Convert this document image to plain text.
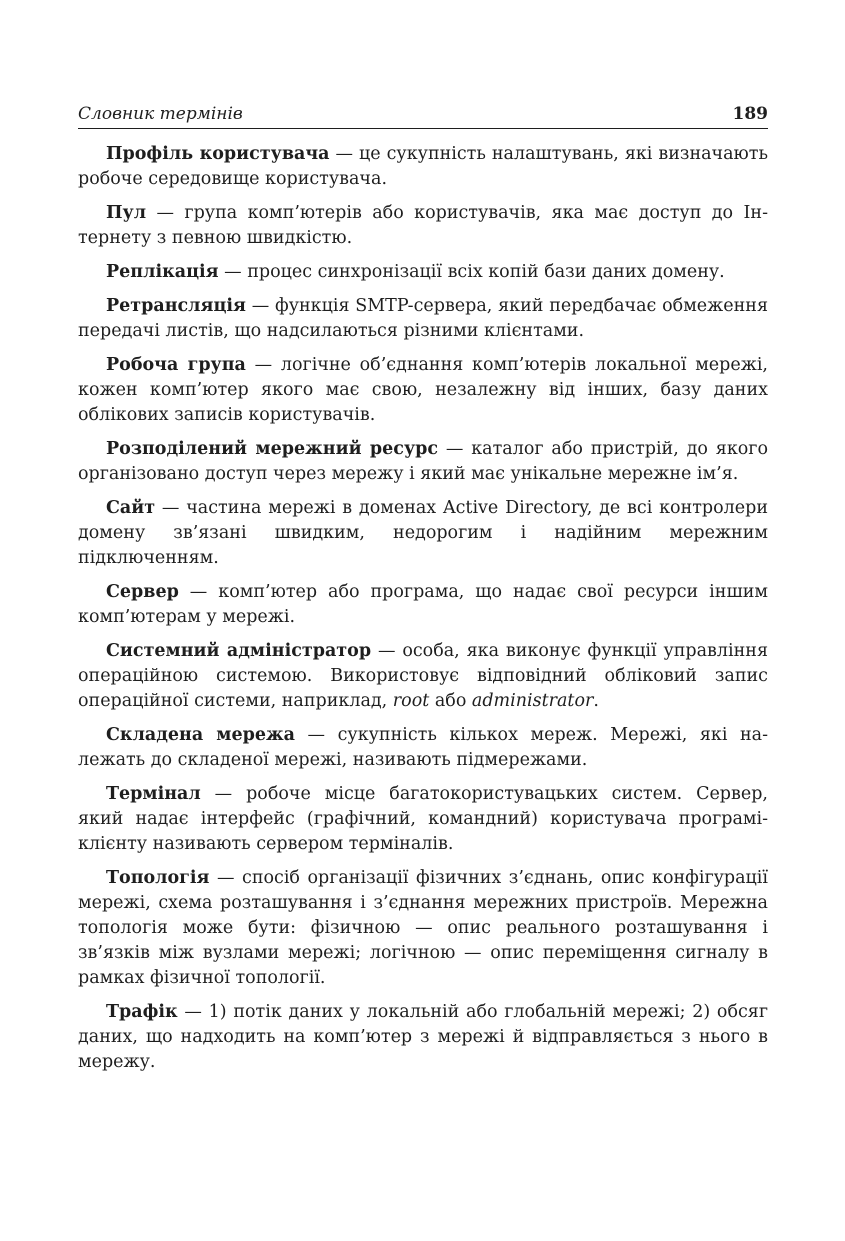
Словник термінів	189

Профіль користувача — це сукупність налаштувань, які визначають робоче середовище користувача.

Пул — група комп’ютерів або користувачів, яка має доступ до Інтернету з певною швидкістю.

Реплікація — процес синхронізації всіх копій бази даних домену.

Ретрансляція — функція SMTP-сервера, який передбачає обмеження передачі листів, що надсилаються різними клієнтами.

Робоча група — логічне об’єднання комп’ютерів локальної мережі, кожен комп’ютер якого має свою, незалежну від інших, базу даних облікових записів користувачів.

Розподілений мережний ресурс — каталог або пристрій, до якого організовано доступ через мережу і який має унікальне мережне ім’я.

Сайт — частина мережі в доменах Active Directory, де всі контролери домену зв’язані швидким, недорогим і надійним мережним підключенням.

Сервер — комп’ютер або програма, що надає свої ресурси іншим комп’ютерам у мережі.

Системний адміністратор — особа, яка виконує функції управління операційною системою. Використовує відповідний обліковий запис операційної системи, наприклад, root або administrator.

Складена мережа — сукупність кількох мереж. Мережі, які належать до складеної мережі, називають підмережами.

Термінал — робоче місце багатокористувацьких систем. Сервер, який надає інтерфейс (графічний, командний) користувача програмі-клієнту називають сервером терміналів.

Топологія — спосіб організації фізичних з’єднань, опис конфігурації мережі, схема розташування і з’єднання мережних пристроїв. Мережна топологія може бути: фізичною — опис реального розташування і зв’язків між вузлами мережі; логічною — опис переміщення сигналу в рамках фізичної топології.

Трафік — 1) потік даних у локальній або глобальній мережі; 2) обсяг даних, що надходить на комп’ютер з мережі й відправляється з нього в мережу.
